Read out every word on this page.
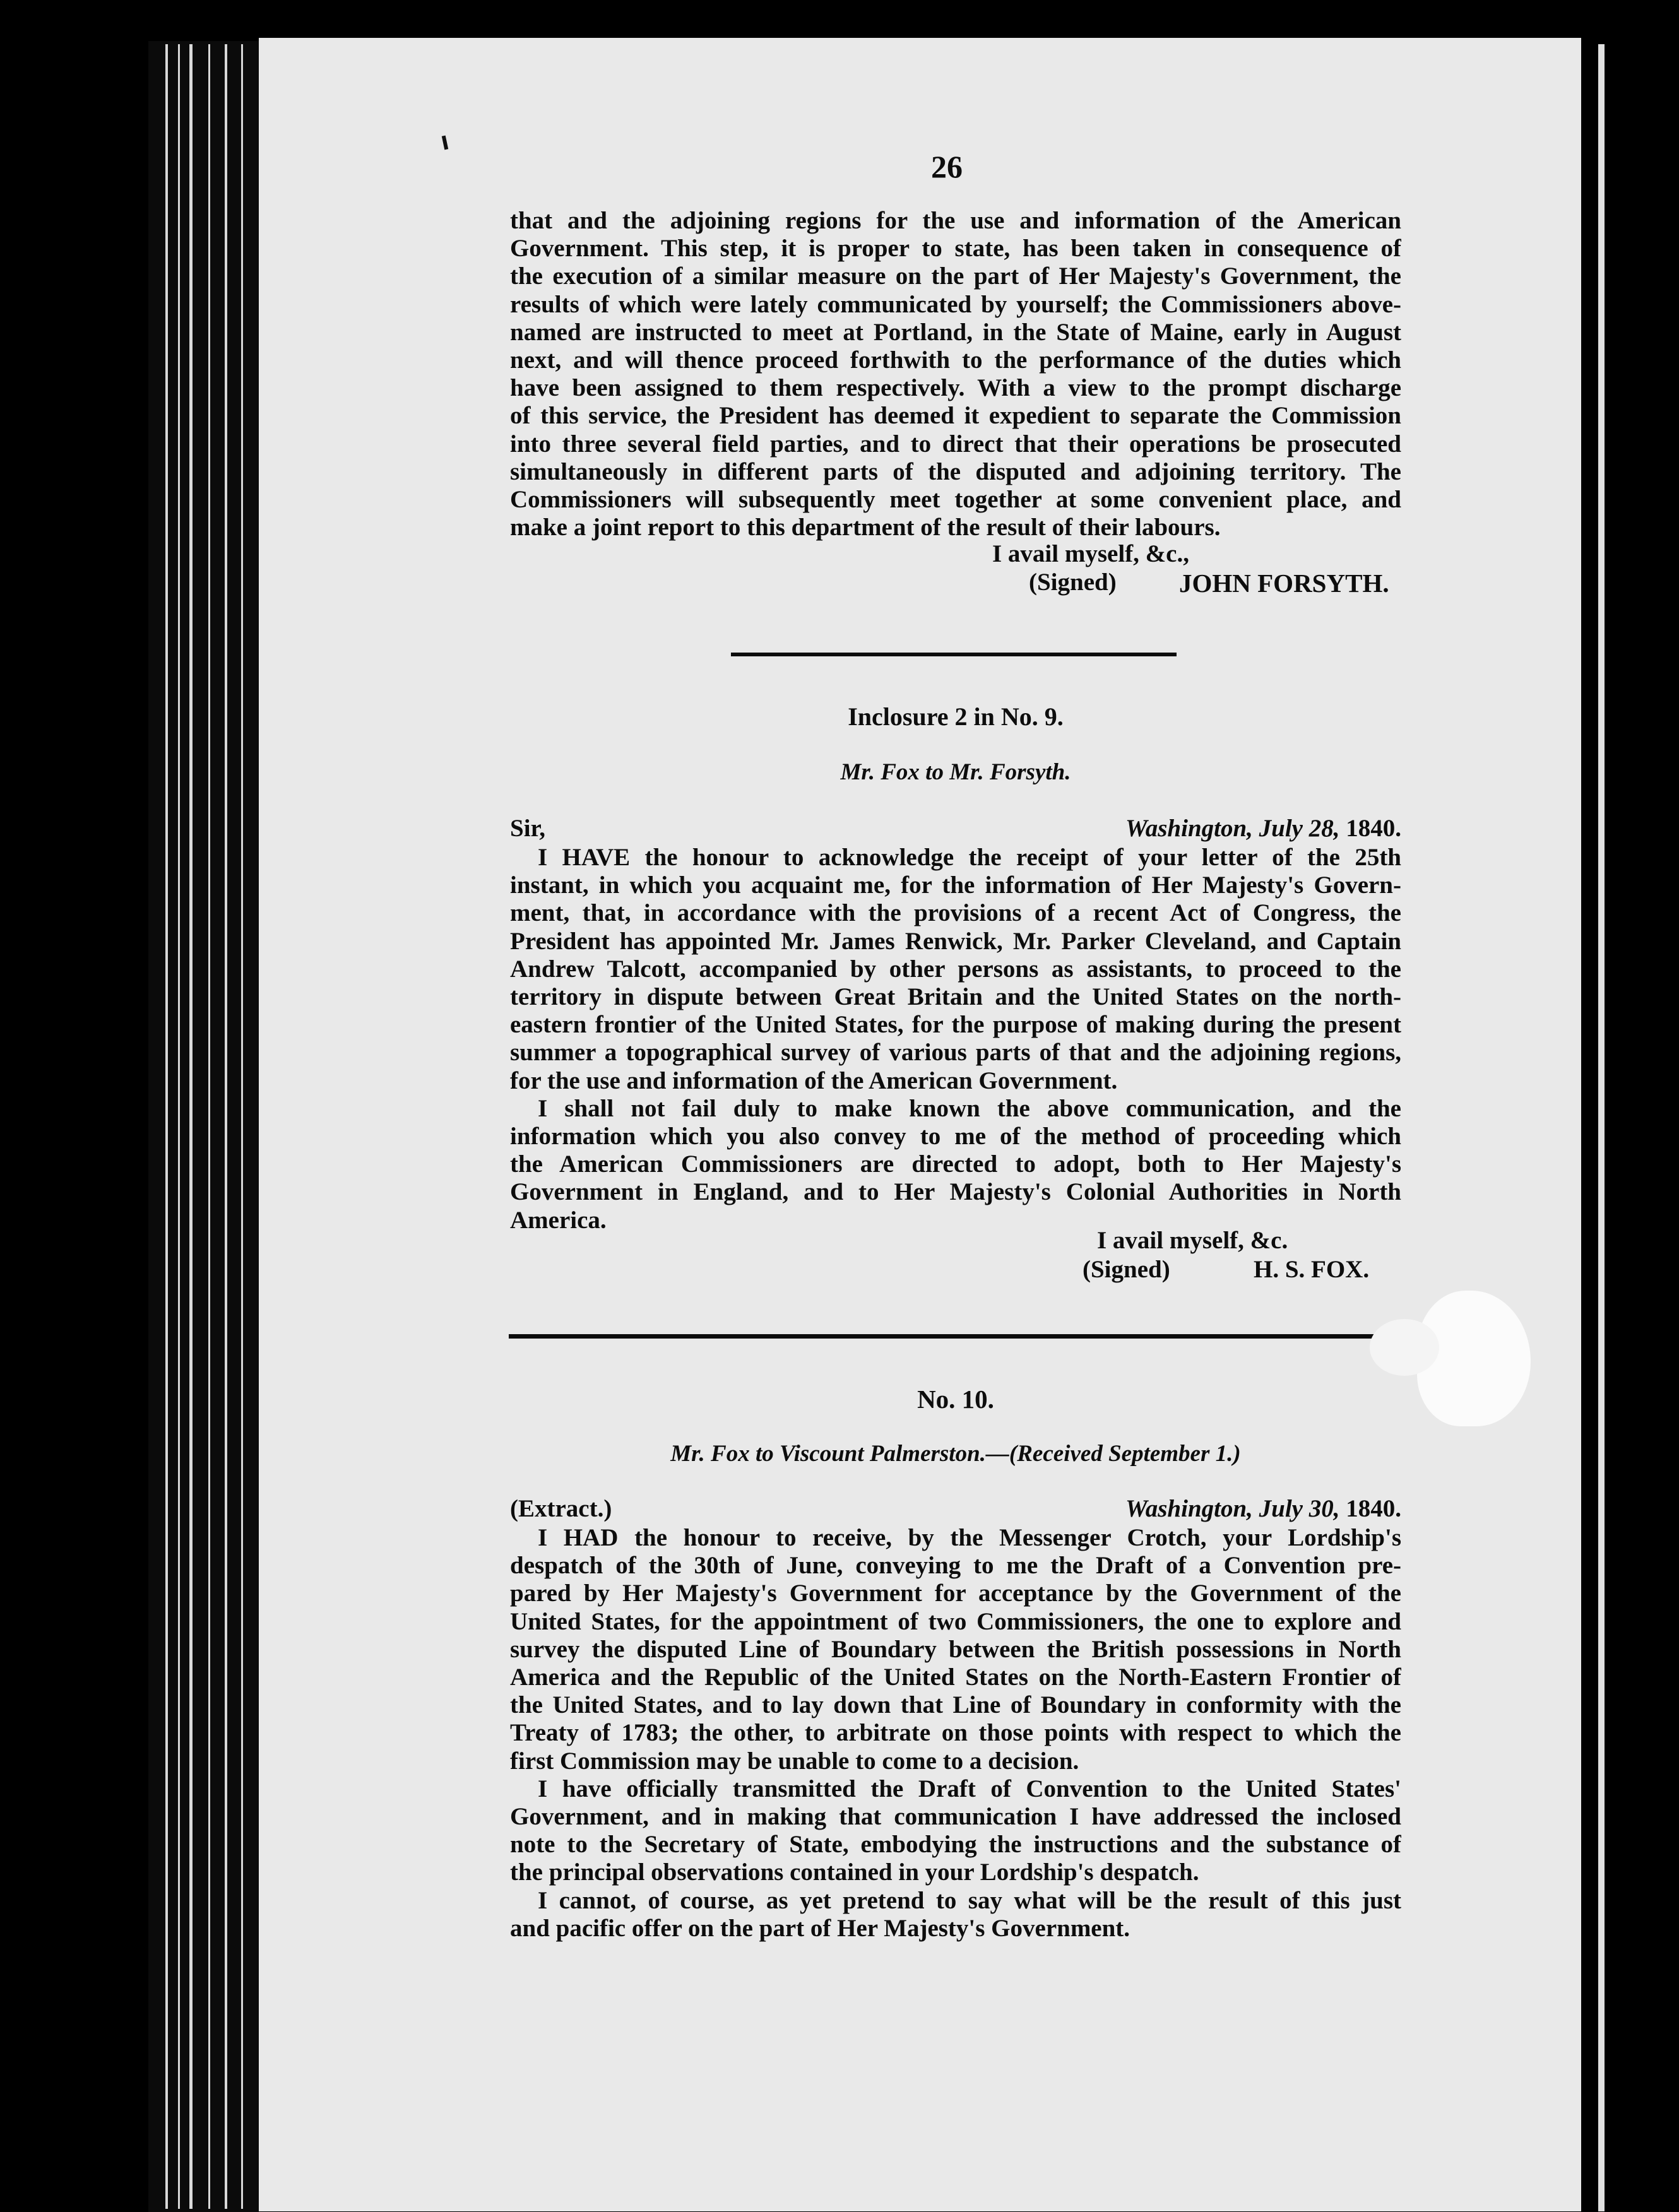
26
that and the adjoining regions for the use and information of the American
Government. This step, it is proper to state, has been taken in consequence of
the execution of a similar measure on the part of Her Majesty's Government, the
results of which were lately communicated by yourself; the Commissioners above-
named are instructed to meet at Portland, in the State of Maine, early in August
next, and will thence proceed forthwith to the performance of the duties which
have been assigned to them respectively. With a view to the prompt discharge
of this service, the President has deemed it expedient to separate the Commission
into three several field parties, and to direct that their operations be prosecuted
simultaneously in different parts of the disputed and adjoining territory. The
Commissioners will subsequently meet together at some convenient place, and
make a joint report to this department of the result of their labours.
I avail myself, &c.,
(Signed) JOHN FORSYTH.
Inclosure 2 in No. 9.
Mr. Fox to Mr. Forsyth.
Sir,	Washington, July 28, 1840.
I HAVE the honour to acknowledge the receipt of your letter of the 25th
instant, in which you acquaint me, for the information of Her Majesty's Govern-
ment, that, in accordance with the provisions of a recent Act of Congress, the
President has appointed Mr. James Renwick, Mr. Parker Cleveland, and Captain
Andrew Talcott, accompanied by other persons as assistants, to proceed to the
territory in dispute between Great Britain and the United States on the north-
eastern frontier of the United States, for the purpose of making during the present
summer a topographical survey of various parts of that and the adjoining regions,
for the use and information of the American Government.
I shall not fail duly to make known the above communication, and the
information which you also convey to me of the method of proceeding which
the American Commissioners are directed to adopt, both to Her Majesty's
Government in England, and to Her Majesty's Colonial Authorities in North
America.
I avail myself, &c.
(Signed)	H. S. FOX.
No. 10.
Mr. Fox to Viscount Palmerston.—(Received September 1.)
(Extract.)	Washington, July 30, 1840.
I HAD the honour to receive, by the Messenger Crotch, your Lordship's
despatch of the 30th of June, conveying to me the Draft of a Convention pre-
pared by Her Majesty's Government for acceptance by the Government of the
United States, for the appointment of two Commissioners, the one to explore and
survey the disputed Line of Boundary between the British possessions in North
America and the Republic of the United States on the North-Eastern Frontier of
the United States, and to lay down that Line of Boundary in conformity with the
Treaty of 1783; the other, to arbitrate on those points with respect to which the
first Commission may be unable to come to a decision.
I have officially transmitted the Draft of Convention to the United States'
Government, and in making that communication I have addressed the inclosed
note to the Secretary of State, embodying the instructions and the substance of
the principal observations contained in your Lordship's despatch.
I cannot, of course, as yet pretend to say what will be the result of this just
and pacific offer on the part of Her Majesty's Government.
